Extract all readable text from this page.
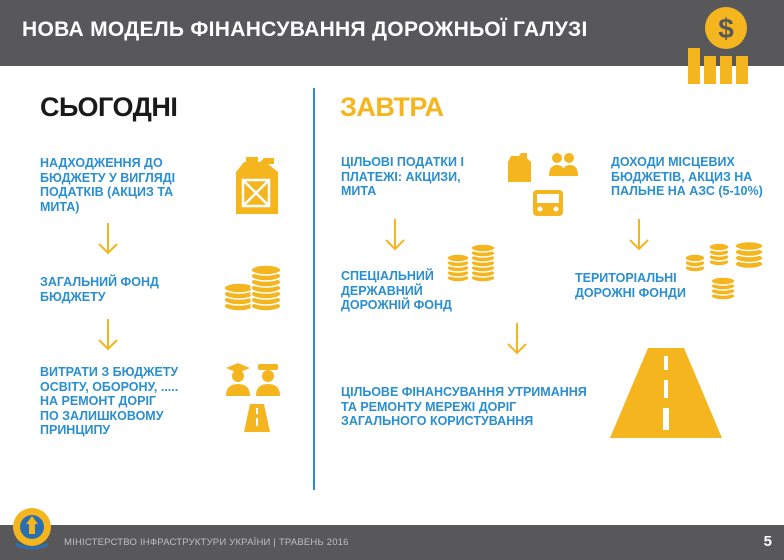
НОВА МОДЕЛЬ ФІНАНСУВАННЯ ДОРОЖНЬОЇ ГАЛУЗІ	$
СЬОГОДНІ	ЗАВТРА
НАДХОДЖЕННЯ ДО
БЮДЖЕТУ У ВИГЛЯДІ
ПОДАТКІВ (АКЦИЗ ТА
МИТА)
ЗАГАЛЬНИЙ ФОНД
БЮДЖЕТУ
ВИТРАТИ З БЮДЖЕТУ
ОСВІТУ, ОБОРОНУ, .....
НА РЕМОНТ ДОРІГ
ПО ЗАЛИШКОВОМУ
ПРИНЦИПУ
ЦІЛЬОВІ ПОДАТКИ І
ПЛАТЕЖІ: АКЦИЗИ,
МИТА
ДОХОДИ МІСЦЕВИХ
БЮДЖЕТІВ, АКЦИЗ НА
ПАЛЬНЕ НА АЗС (5-10%)
СПЕЦІАЛЬНИЙ
ДЕРЖАВНИЙ
ДОРОЖНІЙ ФОНД
ТЕРИТОРІАЛЬНІ
ДОРОЖНІ ФОНДИ
ЦІЛЬОВЕ ФІНАНСУВАННЯ УТРИМАННЯ
ТА РЕМОНТУ МЕРЕЖІ ДОРІГ
ЗАГАЛЬНОГО КОРИСТУВАННЯ
МІНІСТЕРСТВО ІНФРАСТРУКТУРИ УКРАЇНИ | ТРАВЕНЬ 2016	5
